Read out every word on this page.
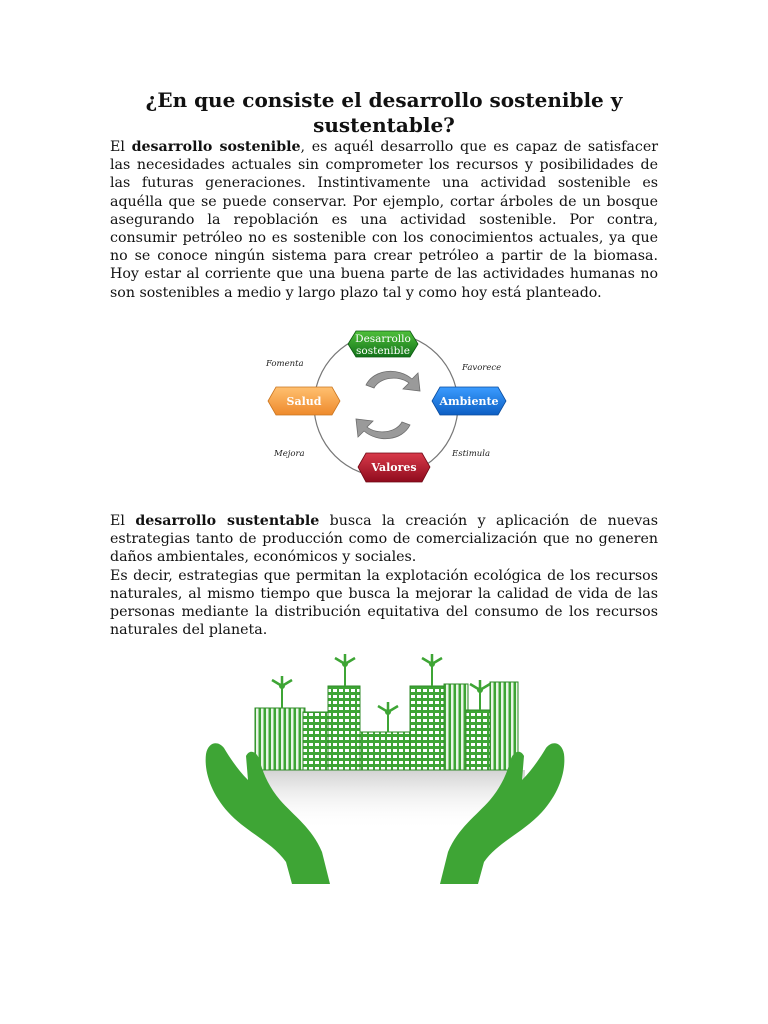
¿En que consiste el desarrollo sostenible y sustentable?

El desarrollo sostenible, es aquél desarrollo que es capaz de satisfacer las necesidades actuales sin comprometer los recursos y posibilidades de las futuras generaciones. Instintivamente una actividad sostenible es aquélla que se puede conservar. Por ejemplo, cortar árboles de un bosque asegurando la repoblación es una actividad sostenible. Por contra, consumir petróleo no es sostenible con los conocimientos actuales, ya que no se conoce ningún sistema para crear petróleo a partir de la biomasa. Hoy estar al corriente que una buena parte de las actividades humanas no son sostenibles a medio y largo plazo tal y como hoy está planteado.

Desarrollo
sostenible
Salud	Ambiente
Valores
Fomenta	Favorece
Mejora	Estimula

El desarrollo sustentable busca la creación y aplicación de nuevas estrategias tanto de producción como de comercialización que no generen daños ambientales, económicos y sociales.

Es decir, estrategias que permitan la explotación ecológica de los recursos naturales, al mismo tiempo que busca la mejorar la calidad de vida de las personas mediante la distribución equitativa del consumo de los recursos naturales del planeta.
